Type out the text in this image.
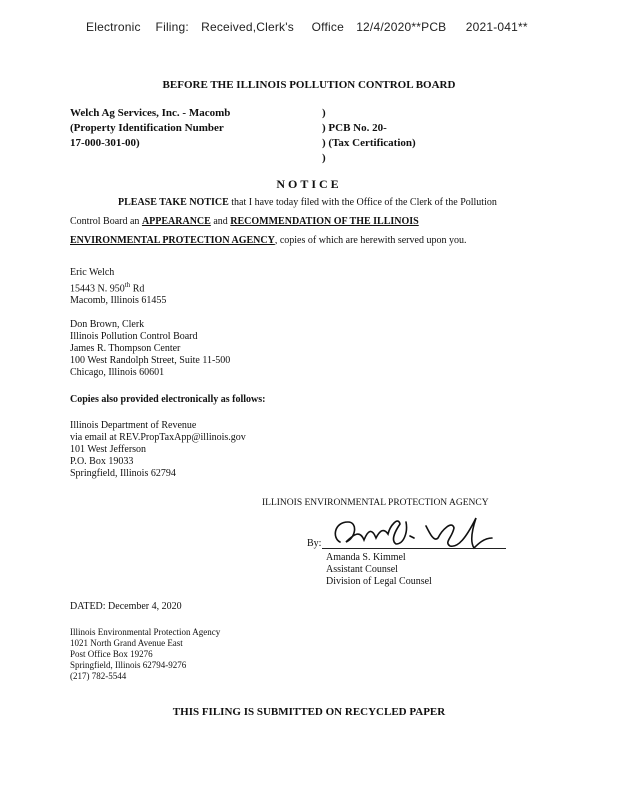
Electronic Filing: Received,Clerk's Office 12/4/2020**PCB 2021-041**
BEFORE THE ILLINOIS POLLUTION CONTROL BOARD
Welch Ag Services, Inc. - Macomb
(Property Identification Number
17-000-301-00)
)
) PCB No. 20-
) (Tax Certification)
)
NOTICE
PLEASE TAKE NOTICE that I have today filed with the Office of the Clerk of the Pollution
Control Board an APPEARANCE and RECOMMENDATION OF THE ILLINOIS
ENVIRONMENTAL PROTECTION AGENCY, copies of which are herewith served upon you.
Eric Welch
15443 N. 950th Rd
Macomb, Illinois 61455
Don Brown, Clerk
Illinois Pollution Control Board
James R. Thompson Center
100 West Randolph Street, Suite 11-500
Chicago, Illinois 60601
Copies also provided electronically as follows:
Illinois Department of Revenue
via email at REV.PropTaxApp@illinois.gov
101 West Jefferson
P.O. Box 19033
Springfield, Illinois 62794
ILLINOIS ENVIRONMENTAL PROTECTION AGENCY
By:
Amanda S. Kimmel
Assistant Counsel
Division of Legal Counsel
DATED: December 4, 2020
Illinois Environmental Protection Agency
1021 North Grand Avenue East
Post Office Box 19276
Springfield, Illinois 62794-9276
(217) 782-5544
THIS FILING IS SUBMITTED ON RECYCLED PAPER
